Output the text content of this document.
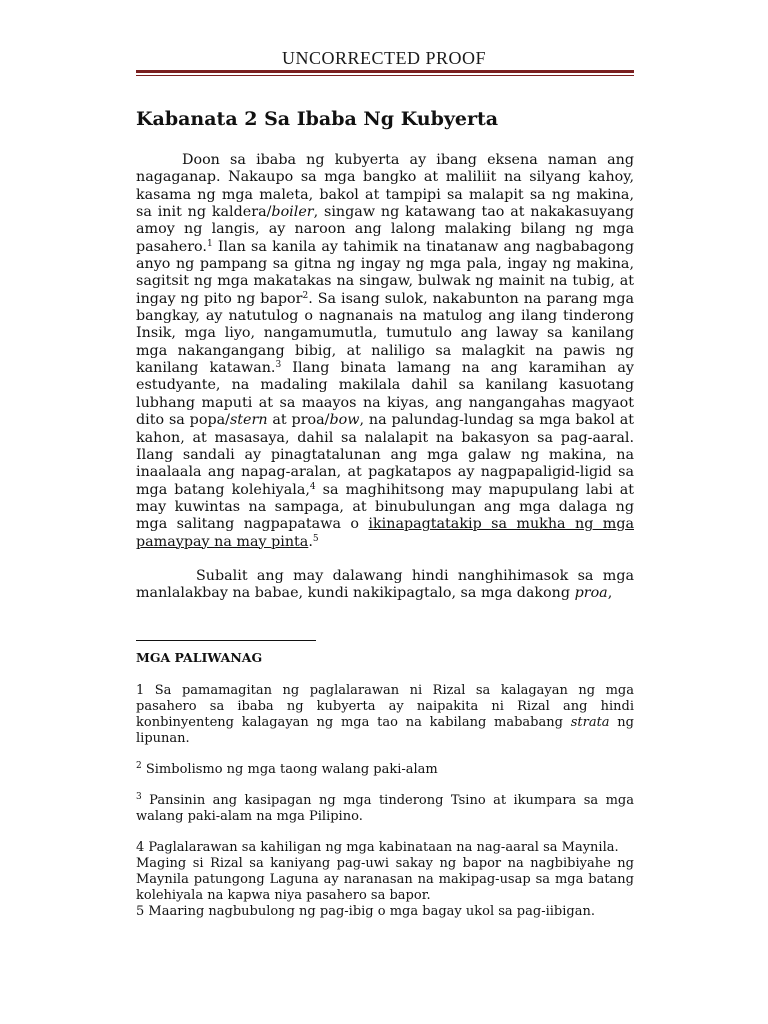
UNCORRECTED PROOF
Kabanata 2 Sa Ibaba Ng Kubyerta

Doon sa ibaba ng kubyerta ay ibang eksena naman ang nagaganap. Nakaupo sa mga bangko at maliliit na silyang kahoy, kasama ng mga maleta, bakol at tampipi sa malapit sa ng makina, sa init ng kaldera/boiler, singaw ng katawang tao at nakakasuyang amoy ng langis, ay naroon ang lalong malaking bilang ng mga pasahero.$^1$ Ilan sa kanila ay tahimik na tinatanaw ang nagbabagong anyo ng pampang sa gitna ng ingay ng mga pala, ingay ng makina, sagitsit ng mga makatakas na singaw, bulwak ng mainit na tubig, at ingay ng pito ng bapor$^2$. Sa isang sulok, nakabunton na parang mga bangkay, ay natutulog o nagnanais na matulog ang ilang tinderong Insik, mga liyo, nangamumutla, tumutulo ang laway sa kanilang mga nakangangang bibig, at naliligo sa malagkit na pawis ng kanilang katawan.$^3$ Ilang binata lamang na ang karamihan ay estudyante, na madaling makilala dahil sa kanilang kasuotang lubhang maputi at sa maayos na kiyas, ang nangangahas magyaot dito sa popa/stern at proa/bow, na palundag-lundag sa mga bakol at kahon, at masasaya, dahil sa nalalapit na bakasyon sa pag-aaral. Ilang sandali ay pinagtatalunan ang mga galaw ng makina, na inaalaala ang napag-aralan, at pagkatapos ay nagpapaligid-ligid sa mga batang kolehiyala,$^4$ sa maghihitsong may mapupulang labi at may kuwintas na sampaga, at binubulungan ang mga dalaga ng mga salitang nagpapatawa o ikinapagtatakip sa mukha ng mga pamaypay na may pinta.$^5$

Subalit ang may dalawang hindi nanghihimasok sa mga manlalakbay na babae, kundi nakikipagtalo, sa mga dakong proa,

MGA PALIWANAG

1 Sa pamamagitan ng paglalarawan ni Rizal sa kalagayan ng mga pasahero sa ibaba ng kubyerta ay naipakita ni Rizal ang hindi konbinyenteng kalagayan ng mga tao na kabilang mababang strata ng lipunan.

$^2$ Simbolismo ng mga taong walang paki-alam

$^3$ Pansinin ang kasipagan ng mga tinderong Tsino at ikumpara sa mga walang paki-alam na mga Pilipino.

4 Paglalarawan sa kahiligan ng mga kabinataan na nag-aaral sa Maynila.

Maging si Rizal sa kaniyang pag-uwi sakay ng bapor na nagbibiyahe ng Maynila patungong Laguna ay naranasan na makipag-usap sa mga batang kolehiyala na kapwa niya pasahero sa bapor.

5 Maaring nagbubulong ng pag-ibig o mga bagay ukol sa pag-iibigan.
